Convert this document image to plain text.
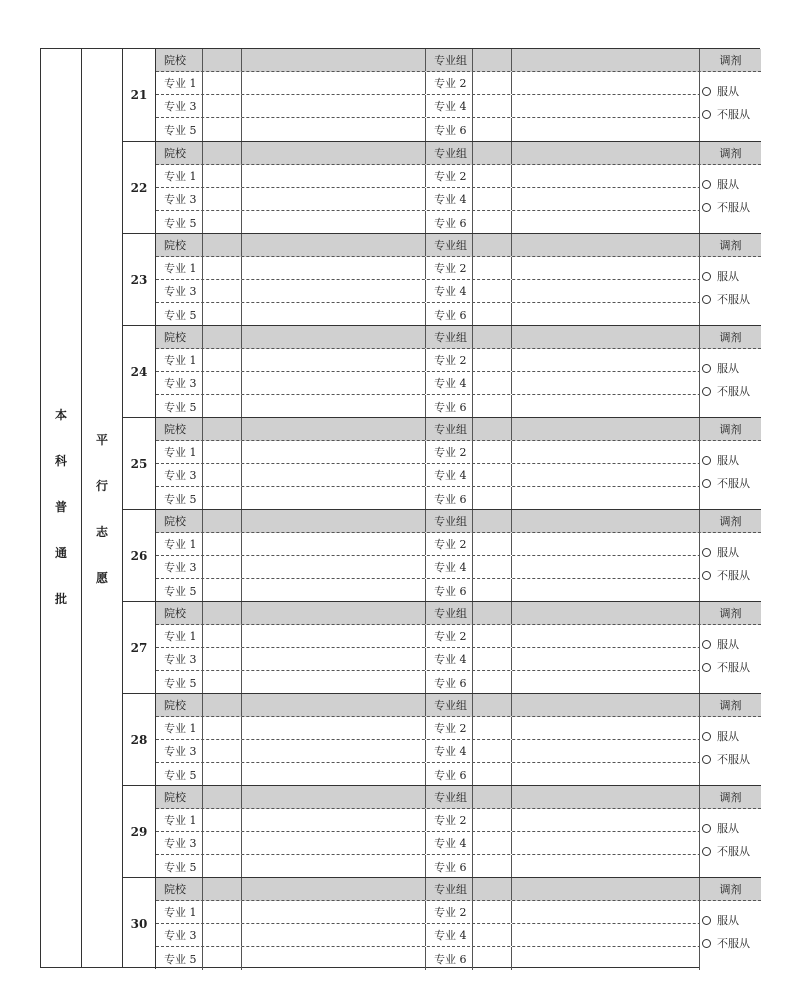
本
科
普
通
批
平
行
志
愿
21
院校	专业组	调剂
专业 1	专业 2
专业 3	专业 4
专业 5	专业 6
服从
不服从
22
院校	专业组	调剂
专业 1	专业 2
专业 3	专业 4
专业 5	专业 6
服从
不服从
23
院校	专业组	调剂
专业 1	专业 2
专业 3	专业 4
专业 5	专业 6
服从
不服从
24
院校	专业组	调剂
专业 1	专业 2
专业 3	专业 4
专业 5	专业 6
服从
不服从
25
院校	专业组	调剂
专业 1	专业 2
专业 3	专业 4
专业 5	专业 6
服从
不服从
26
院校	专业组	调剂
专业 1	专业 2
专业 3	专业 4
专业 5	专业 6
服从
不服从
27
院校	专业组	调剂
专业 1	专业 2
专业 3	专业 4
专业 5	专业 6
服从
不服从
28
院校	专业组	调剂
专业 1	专业 2
专业 3	专业 4
专业 5	专业 6
服从
不服从
29
院校	专业组	调剂
专业 1	专业 2
专业 3	专业 4
专业 5	专业 6
服从
不服从
30
院校	专业组	调剂
专业 1	专业 2
专业 3	专业 4
专业 5	专业 6
服从
不服从
